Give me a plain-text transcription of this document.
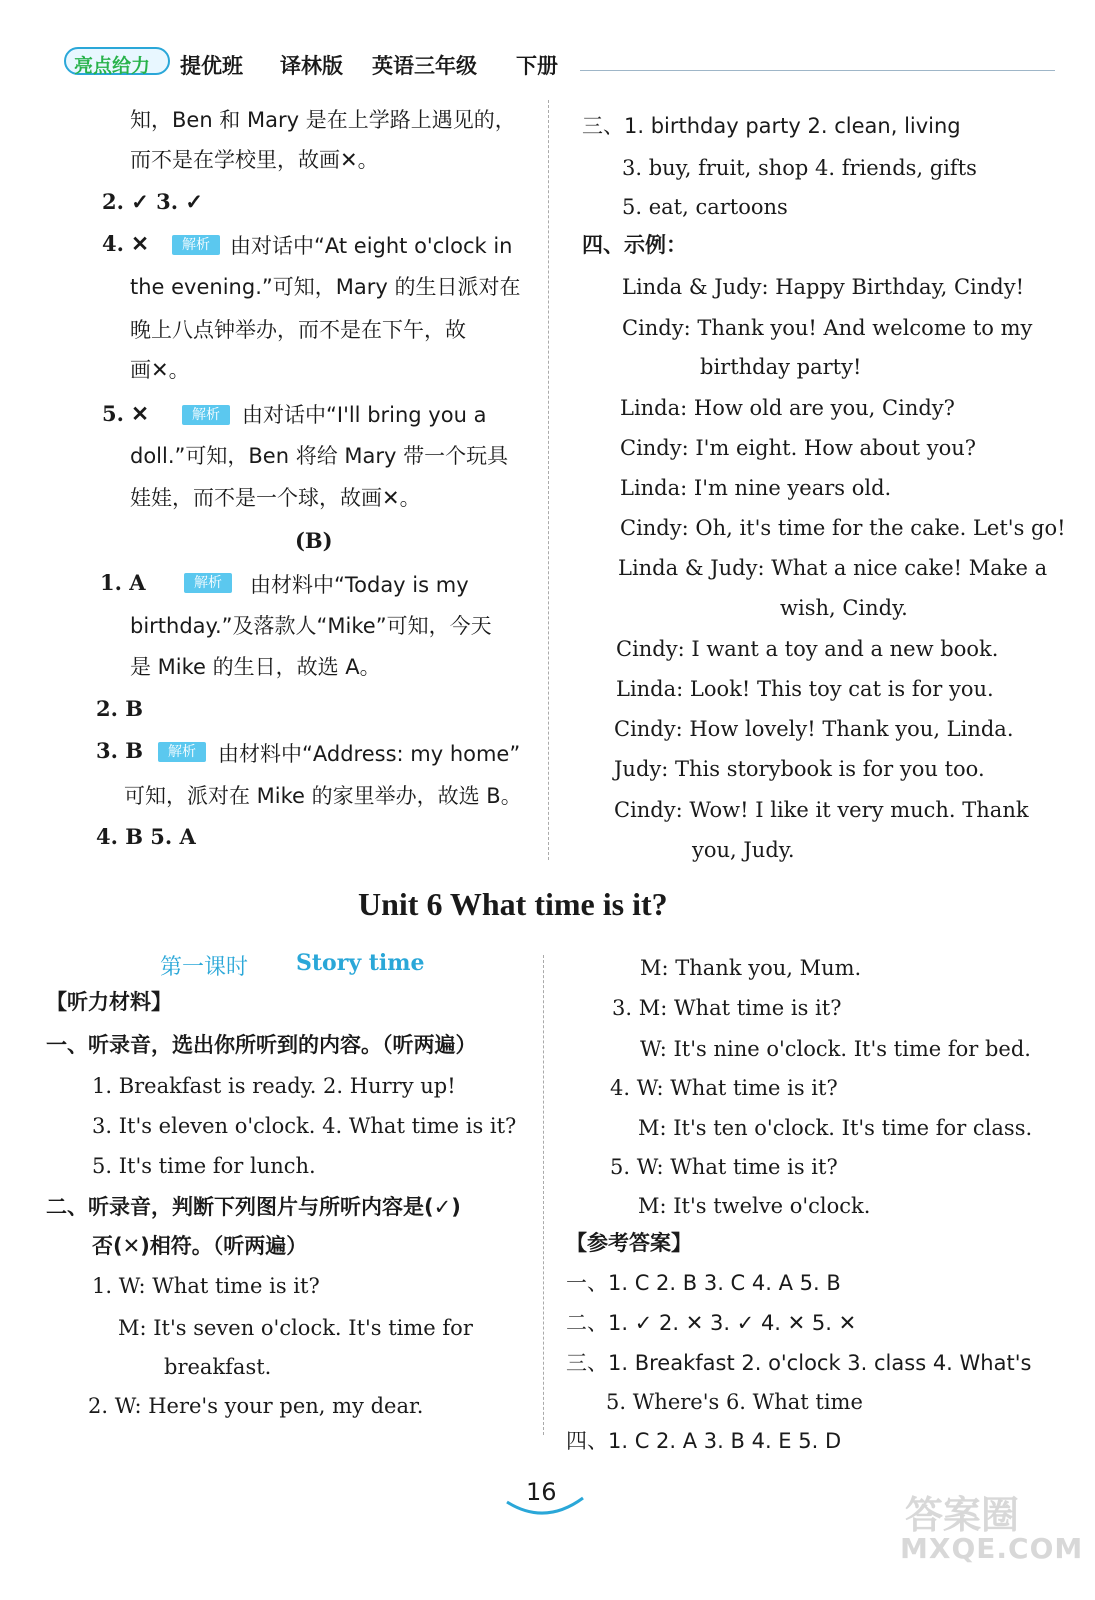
亮点给力 提优班 译林版 英语三年级 下册
知，Ben 和 Mary 是在上学路上遇见的，
而不是在学校里，故画✕。
2. ✓ 3. ✓
4. ✕	解析 由对话中“At eight o'clock in
the evening.”可知，Mary 的生日派对在
晚上八点钟举办，而不是在下午，故
画✕。
5. ✕	解析	由对话中“I'll bring you a
doll.”可知，Ben 将给 Mary 带一个玩具
娃娃，而不是一个球，故画✕。
(B)
1. A	解析	由材料中“Today is my
birthday.”及落款人“Mike”可知，今天
是 Mike 的生日，故选 A。
2. B
3. B	解析	由材料中“Address: my home”
可知，派对在 Mike 的家里举办，故选 B。
4. B 5. A
三、1. birthday party 2. clean, living
3. buy, fruit, shop 4. friends, gifts
5. eat, cartoons
四、示例：
Linda & Judy: Happy Birthday, Cindy!
Cindy: Thank you! And welcome to my
birthday party!
Linda: How old are you, Cindy?
Cindy: I'm eight. How about you?
Linda: I'm nine years old.
Cindy: Oh, it's time for the cake. Let's go!
Linda & Judy: What a nice cake! Make a
wish, Cindy.
Cindy: I want a toy and a new book.
Linda: Look! This toy cat is for you.
Cindy: How lovely! Thank you, Linda.
Judy: This storybook is for you too.
Cindy: Wow! I like it very much. Thank
you, Judy.
Unit 6 What time is it?
第一课时 Story time
【听力材料】
一、听录音，选出你所听到的内容。（听两遍）
1. Breakfast is ready. 2. Hurry up!
3. It's eleven o'clock. 4. What time is it?
5. It's time for lunch.
二、听录音，判断下列图片与所听内容是(✓)
否(✕)相符。（听两遍）
1. W: What time is it?
M: It's seven o'clock. It's time for
breakfast.
2. W: Here's your pen, my dear.
M: Thank you, Mum.
3. M: What time is it?
W: It's nine o'clock. It's time for bed.
4. W: What time is it?
M: It's ten o'clock. It's time for class.
5. W: What time is it?
M: It's twelve o'clock.
【参考答案】
一、1. C 2. B 3. C 4. A 5. B
二、1. ✓ 2. ✕ 3. ✓ 4. ✕ 5. ✕
三、1. Breakfast 2. o'clock 3. class 4. What's
5. Where's 6. What time
四、1. C 2. A 3. B 4. E 5. D
16
答案圈
MXQE.COM
